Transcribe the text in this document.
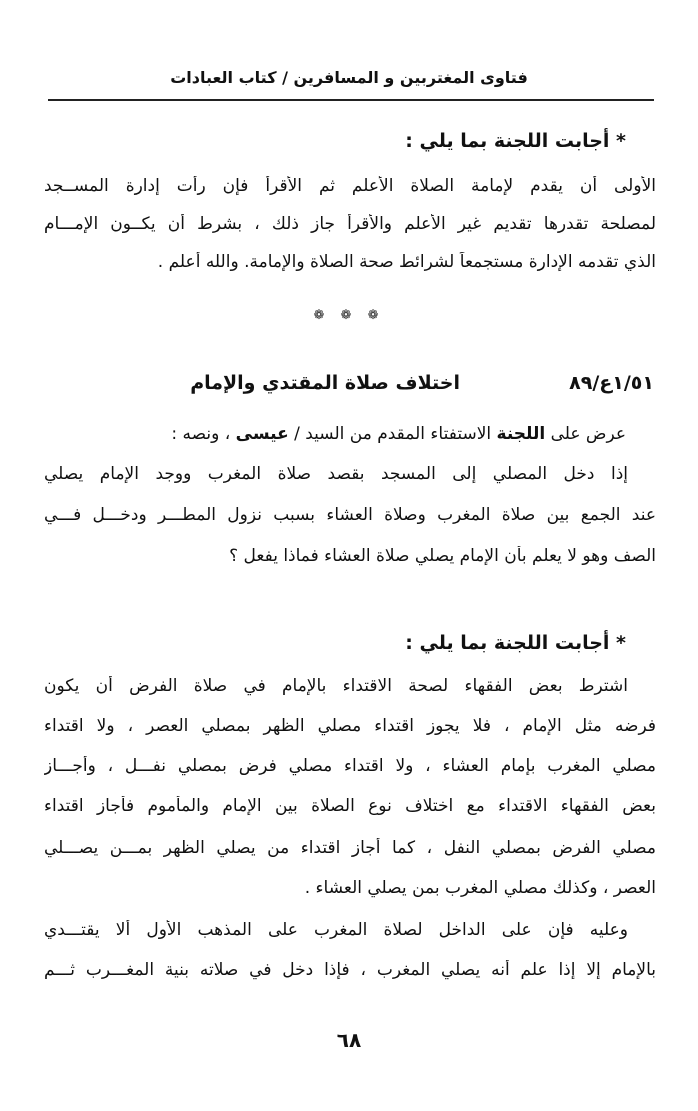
فتاوى المغتربين و المسافرين / كتاب العبادات
* أجابت اللجنة بما يلي :
الأولى أن يقدم لإمامة الصلاة الأعلم ثم الأقرأ فإن رأت إدارة المســجد
لمصلحة تقدرها تقديم غير الأعلم والأقرأ جاز ذلك ، بشرط أن يكــون الإمـــام
الذي تقدمه الإدارة مستجمعاً لشرائط صحة الصلاة والإمامة. والله أعلم .
❁ ❁ ❁
١/٥١ع/٨٩
اختلاف صلاة المقتدي والإمام
عرض على اللجنة الاستفتاء المقدم من السيد / عيسى ، ونصه :
إذا دخل المصلي إلى المسجد بقصد صلاة المغرب ووجد الإمام يصلي
عند الجمع بين صلاة المغرب وصلاة العشاء بسبب نزول المطـــر ودخـــل فـــي
الصف وهو لا يعلم بأن الإمام يصلي صلاة العشاء فماذا يفعل ؟
* أجابت اللجنة بما يلي :
اشترط بعض الفقهاء لصحة الاقتداء بالإمام في صلاة الفرض أن يكون
فرضه مثل الإمام ، فلا يجوز اقتداء مصلي الظهر بمصلي العصر ، ولا اقتداء
مصلي المغرب بإمام العشاء ، ولا اقتداء مصلي فرض بمصلي نفـــل ، وأجـــاز
بعض الفقهاء الاقتداء مع اختلاف نوع الصلاة بين الإمام والمأموم فأجاز اقتداء
مصلي الفرض بمصلي النفل ، كما أجاز اقتداء من يصلي الظهر بمـــن يصـــلي
العصر ، وكذلك مصلي المغرب بمن يصلي العشاء .
وعليه فإن على الداخل لصلاة المغرب على المذهب الأول ألا يقتـــدي
بالإمام إلا إذا علم أنه يصلي المغرب ، فإذا دخل في صلاته بنية المغـــرب ثـــم
٦٨
